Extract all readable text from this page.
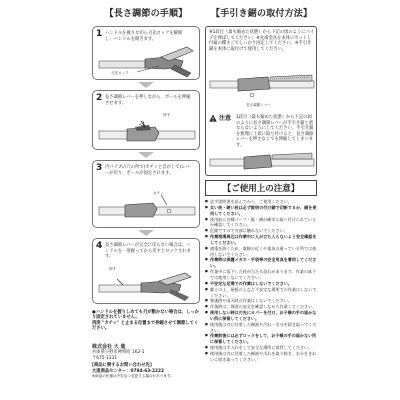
【長さ調節の手順】
1 ハンドルを握りながら刃先ロックを解除し、ハンドルを開きます。
刃先ロック
2 長さ調節レバーを押しながら、ポールを伸縮させます。
押す
3 内パイプの穴の所で(カチッと音がして)レバーが戻り、ポールが固定されます。
カチッ
4 長さ調節レバーが完全に戻らない場合は、ハンドルを一度握ってから戻すとロックされます。
押す
●ハンドルを握りしめても刃が動かない場合は、しっかり固定されていません。
再度 "カチッ" と止まる位置まで伸縮させて調節してください。
株式会社 大 進
兵庫県小野市神明町 162-1
〒675-1331
[商品に関するお問い合わせ先]
大進商品センター：0794-63-2222
※商品の仕様は予告なく変更する場合があります。
【手引き鋸の取付方法】
※1段目（最も縮めた状態）から下記の図のようにパイプを伸ばしてください。※先端金具を本体にセットし付属の蝶ネジでしっかり固定してください。※手引き鋸を本体に取付けて使用してください。
長さ調節レバー
! 注意 1段目（最も縮めた状態）から下記の図のように長さ調節レバーが手引き鋸と重ならないようにしてください。手引き鋸を無理に上段に取り付けると、長さ調節レバーを押さなくても伸縮してしまいます。
【ご使用上の注意】
● 必ず説明書を読んでから、ご使用ください。
● 太い枝・硬い枝は必ず説明の付け鋸で切断するか、鋸を使用してください。
● 使用前に各種パーツ・鋸・鋏が確実に取り付けられているか確認してください。
● 危険ですので刃部に触れないでください。
● 作業現場周辺は作業中に人が立ち入らないよう安全確認をしてください。
● 感電を防ぐため、電線の近くや電気の通っている所では使用しないでください。
● 作業時は保護メガネ・手袋等の安全用具を着用してください。
● 作業中に落下した枝が当たる恐れがあります。作業の真下では使用しないでください。
● 不安定な足場での作業はしないでください。
● 脚立の上、屋根の上など不安定な場所での作業はしないでください。
● 強風時や雨天時の作業はしないでください。
● 作業時は、周囲の安全を確認しながら作業してください。
● 使用しない時は刃先にカバーを付け、お子様の手の届かない所に保管してください。
● 使用後は刃に付着した樹液や汚れ・水分を拭き取ってください。
● 作業前後には必ずロックをして、お子様の手の届かない所に保管してください。
● 使用後は手入れをして安全な場所に保管してください。
● 使用後は刃に付着した樹液や汚れを取り除き、水分をきれいに拭き取ってください。
